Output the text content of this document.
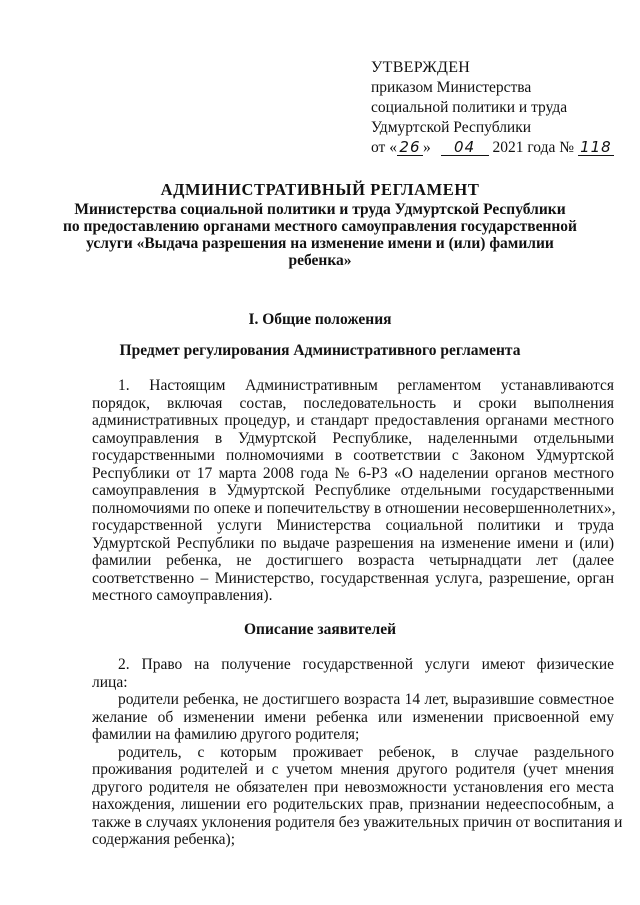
УТВЕРЖДЕН
приказом Министерства
социальной политики и труда
Удмуртской Республики
от « 26 » 04 2021 года № 118
АДМИНИСТРАТИВНЫЙ РЕГЛАМЕНТ
Министерства социальной политики и труда Удмуртской Республики
по предоставлению органами местного самоуправления государственной
услуги «Выдача разрешения на изменение имени и (или) фамилии
ребенка»
I. Общие положения
Предмет регулирования Административного регламента
1. Настоящим Административным регламентом устанавливаются
порядок, включая состав, последовательность и сроки выполнения
административных процедур, и стандарт предоставления органами местного
самоуправления в Удмуртской Республике, наделенными отдельными
государственными полномочиями в соответствии с Законом Удмуртской
Республики от 17 марта 2008 года № 6-РЗ «О наделении органов местного
самоуправления в Удмуртской Республике отдельными государственными
полномочиями по опеке и попечительству в отношении несовершеннолетних»,
государственной услуги Министерства социальной политики и труда
Удмуртской Республики по выдаче разрешения на изменение имени и (или)
фамилии ребенка, не достигшего возраста четырнадцати лет (далее
соответственно – Министерство, государственная услуга, разрешение, орган
местного самоуправления).
Описание заявителей
2. Право на получение государственной услуги имеют физические
лица:
родители ребенка, не достигшего возраста 14 лет, выразившие совместное
желание об изменении имени ребенка или изменении присвоенной ему
фамилии на фамилию другого родителя;
родитель, с которым проживает ребенок, в случае раздельного
проживания родителей и с учетом мнения другого родителя (учет мнения
другого родителя не обязателен при невозможности установления его места
нахождения, лишении его родительских прав, признании недееспособным, а
также в случаях уклонения родителя без уважительных причин от воспитания и
содержания ребенка);
